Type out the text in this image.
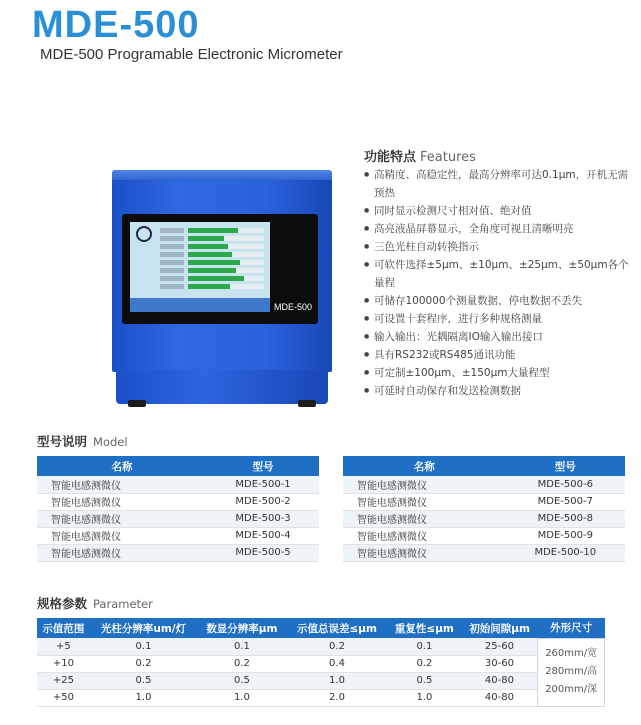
MDE-500
MDE-500 Programable Electronic Micrometer
MDE-500
功能特点 Features
● 高精度、高稳定性，最高分辨率可达0.1μm，开机无需预热
● 同时显示检测尺寸相对值、绝对值
● 高亮液晶屏幕显示，全角度可视且清晰明亮
● 三色光柱自动转换指示
● 可软件选择±5μm、±10μm、±25μm、±50μm各个量程
● 可储存100000个测量数据，停电数据不丢失
● 可设置十套程序，进行多种规格测量
● 输入输出：光耦隔离IO输入输出接口
● 具有RS232或RS485通讯功能
● 可定制±100μm、±150μm大量程型
● 可延时自动保存和发送检测数据
型号说明 Model
名称	型号
智能电感测微仪	MDE-500-1
智能电感测微仪	MDE-500-2
智能电感测微仪	MDE-500-3
智能电感测微仪	MDE-500-4
智能电感测微仪	MDE-500-5
名称	型号
智能电感测微仪	MDE-500-6
智能电感测微仪	MDE-500-7
智能电感测微仪	MDE-500-8
智能电感测微仪	MDE-500-9
智能电感测微仪	MDE-500-10
规格参数 Parameter
示值范围	光柱分辨率um/灯	数显分辨率μm	示值总误差≤μm	重复性≤μm	初始间隙μm	外形尺寸
+5	0.1	0.1	0.2	0.1	25-60	260mm/宽
280mm/高
200mm/深

+10	0.2	0.2	0.4	0.2	30-60	
+25	0.5	0.5	1.0	0.5	40-80	
+50	1.0	1.0	2.0	1.0	40-80	
